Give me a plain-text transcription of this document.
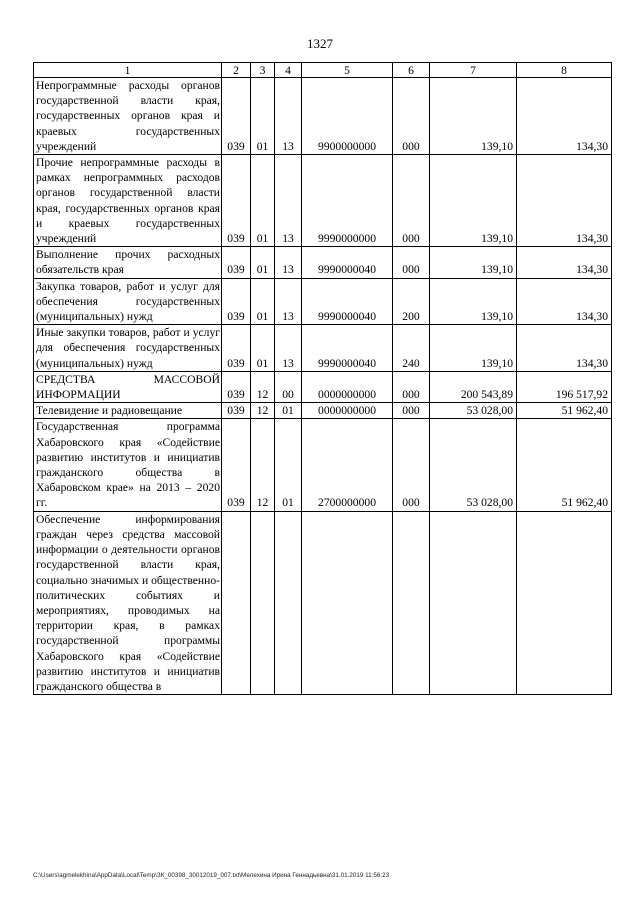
1327
1	2	3	4	5	6	7	8
Непрограммные расходы органов государственной власти края, государственных органов края и краевых государственных учреждений	039	01	13	9900000000	000	139,10	134,30
Прочие непрограммные расходы в рамках непрограммных расходов органов государственной власти края, государственных органов края и краевых государственных учреждений	039	01	13	9990000000	000	139,10	134,30
Выполнение прочих расходных обязательств края	039	01	13	9990000040	000	139,10	134,30
Закупка товаров, работ и услуг для обеспечения государственных (муниципальных) нужд	039	01	13	9990000040	200	139,10	134,30
Иные закупки товаров, работ и услуг для обеспечения государственных (муниципальных) нужд	039	01	13	9990000040	240	139,10	134,30
СРЕДСТВА МАССОВОЙ ИНФОРМАЦИИ	039	12	00	0000000000	000	200 543,89	196 517,92
Телевидение и радиовещание	039	12	01	0000000000	000	53 028,00	51 962,40
Государственная программа Хабаровского края «Содействие развитию институтов и инициатив гражданского общества в Хабаровском крае» на 2013 – 2020 гг.	039	12	01	2700000000	000	53 028,00	51 962,40
Обеспечение информирования граждан через средства массовой информации о деятельности органов государственной власти края, социально значимых и общественно-политических событиях и мероприятиях, проводимых на территории края, в рамках государственной программы Хабаровского края «Содействие развитию институтов и инициатив гражданского общества в							
C:\Users\agmelekhina\AppData\Local\Temp\ЗК_00398_30012019_007.txt\Мелехина Ирина Геннадьевна\31.01.2019 11:56:23
